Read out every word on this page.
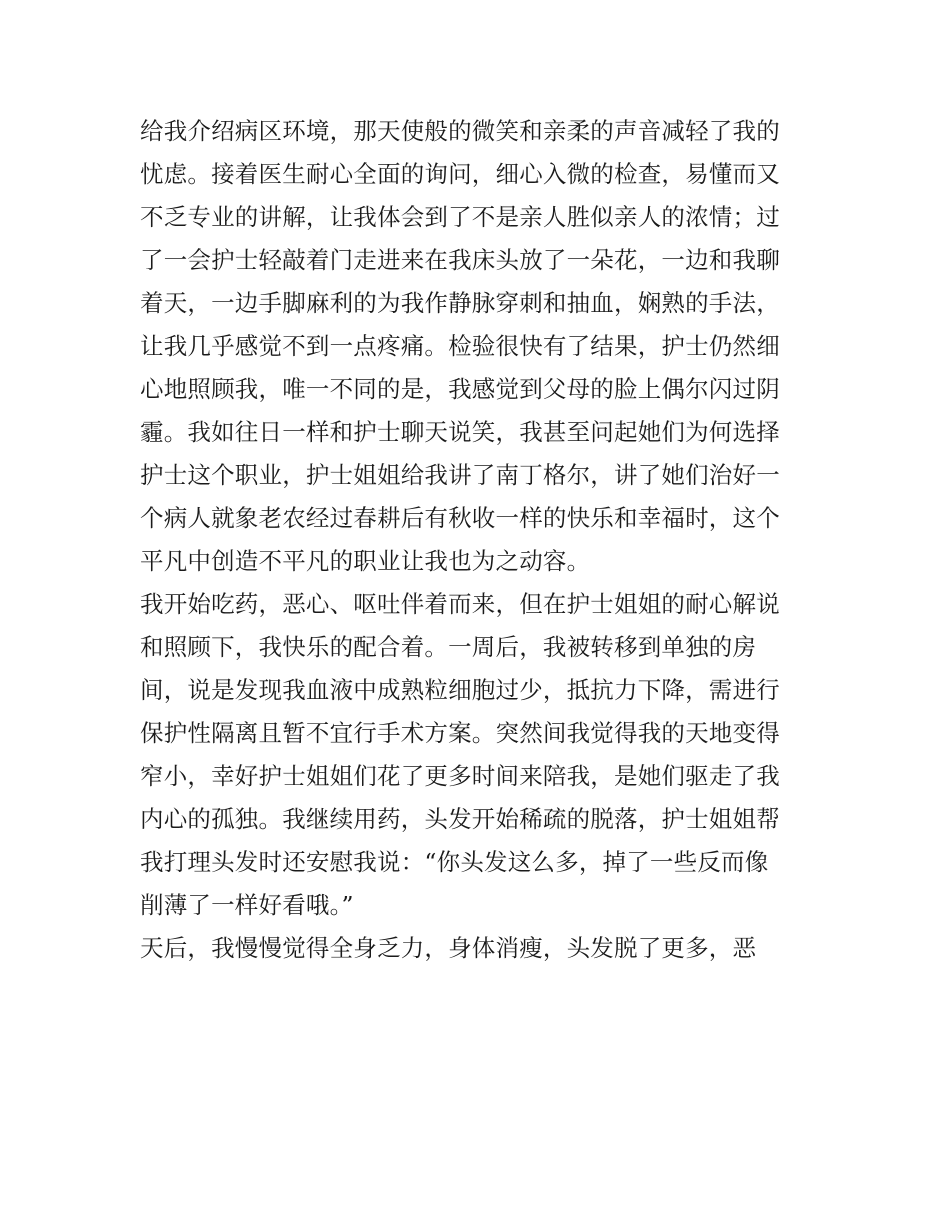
给我介绍病区环境，那天使般的微笑和亲柔的声音减轻了我的
忧虑。接着医生耐心全面的询问，细心入微的检查，易懂而又
不乏专业的讲解，让我体会到了不是亲人胜似亲人的浓情；过
了一会护士轻敲着门走进来在我床头放了一朵花，一边和我聊
着天，一边手脚麻利的为我作静脉穿刺和抽血，娴熟的手法，
让我几乎感觉不到一点疼痛。检验很快有了结果，护士仍然细
心地照顾我，唯一不同的是，我感觉到父母的脸上偶尔闪过阴
霾。我如往日一样和护士聊天说笑，我甚至问起她们为何选择
护士这个职业，护士姐姐给我讲了南丁格尔，讲了她们治好一
个病人就象老农经过春耕后有秋收一样的快乐和幸福时，这个
平凡中创造不平凡的职业让我也为之动容。
我开始吃药，恶心、呕吐伴着而来，但在护士姐姐的耐心解说
和照顾下，我快乐的配合着。一周后，我被转移到单独的房
间，说是发现我血液中成熟粒细胞过少，抵抗力下降，需进行
保护性隔离且暂不宜行手术方案。突然间我觉得我的天地变得
窄小，幸好护士姐姐们花了更多时间来陪我，是她们驱走了我
内心的孤独。我继续用药，头发开始稀疏的脱落，护士姐姐帮
我打理头发时还安慰我说：“你头发这么多，掉了一些反而像
削薄了一样好看哦。”
天后，我慢慢觉得全身乏力，身体消瘦，头发脱了更多，恶
